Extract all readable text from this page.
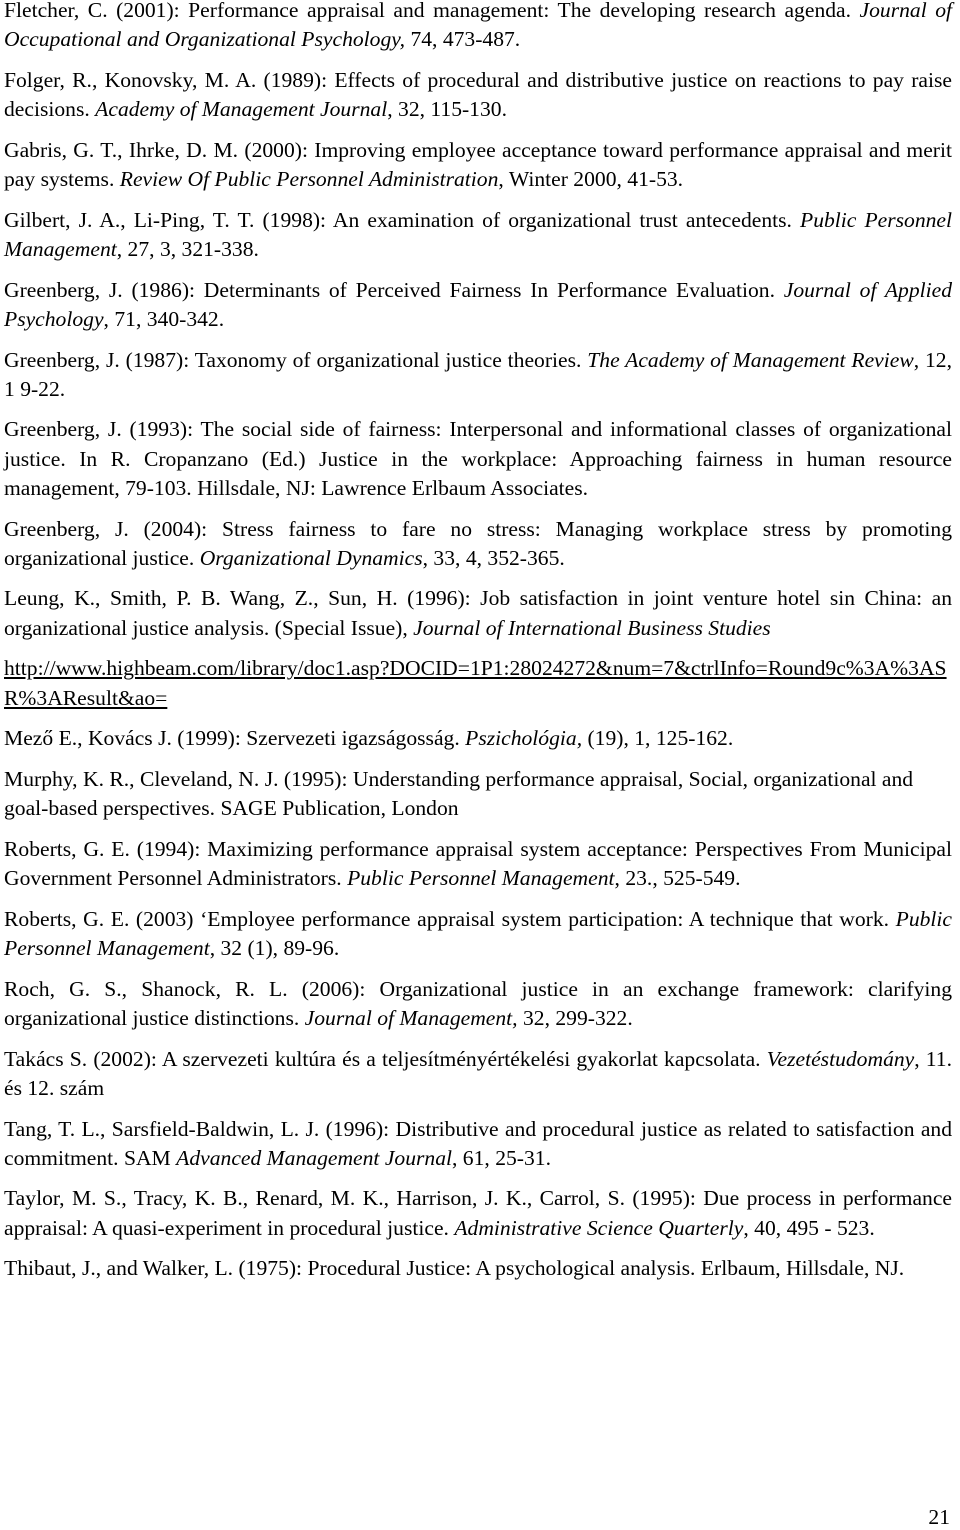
Fletcher, C. (2001): Performance appraisal and management: The developing research agenda. Journal of Occupational and Organizational Psychology, 74, 473-487.

Folger, R., Konovsky, M. A. (1989): Effects of procedural and distributive justice on reactions to pay raise decisions. Academy of Management Journal, 32, 115-130.

Gabris, G. T., Ihrke, D. M. (2000): Improving employee acceptance toward performance appraisal and merit pay systems. Review Of Public Personnel Administration, Winter 2000, 41-53.

Gilbert, J. A., Li-Ping, T. T. (1998): An examination of organizational trust antecedents. Public Personnel Management, 27, 3, 321-338.

Greenberg, J. (1986): Determinants of Perceived Fairness In Performance Evaluation. Journal of Applied Psychology, 71, 340-342.

Greenberg, J. (1987): Taxonomy of organizational justice theories. The Academy of Management Review, 12, 1 9-22.

Greenberg, J. (1993): The social side of fairness: Interpersonal and informational classes of organizational justice. In R. Cropanzano (Ed.) Justice in the workplace: Approaching fairness in human resource management, 79-103. Hillsdale, NJ: Lawrence Erlbaum Associates.

Greenberg, J. (2004): Stress fairness to fare no stress: Managing workplace stress by promoting organizational justice. Organizational Dynamics, 33, 4, 352-365.

Leung, K., Smith, P. B. Wang, Z., Sun, H. (1996): Job satisfaction in joint venture hotel sin China: an organizational justice analysis. (Special Issue), Journal of International Business Studies

http://www.highbeam.com/library/doc1.asp?DOCID=1P1:28024272&num=7&ctrlInfo=Round9c%3A%3ASR%3AResult&ao=

Mező E., Kovács J. (1999): Szervezeti igazságosság. Pszichológia, (19), 1, 125-162.

Murphy, K. R., Cleveland, N. J. (1995): Understanding performance appraisal, Social, organizational and goal-based perspectives. SAGE Publication, London

Roberts, G. E. (1994): Maximizing performance appraisal system acceptance: Perspectives From Municipal Government Personnel Administrators. Public Personnel Management, 23., 525-549.

Roberts, G. E. (2003) ‘Employee performance appraisal system participation: A technique that work. Public Personnel Management, 32 (1), 89-96.

Roch, G. S., Shanock, R. L. (2006): Organizational justice in an exchange framework: clarifying organizational justice distinctions. Journal of Management, 32, 299-322.

Takács S. (2002): A szervezeti kultúra és a teljesítményértékelési gyakorlat kapcsolata. Vezetéstudomány, 11. és 12. szám

Tang, T. L., Sarsfield-Baldwin, L. J. (1996): Distributive and procedural justice as related to satisfaction and commitment. SAM Advanced Management Journal, 61, 25-31.

Taylor, M. S., Tracy, K. B., Renard, M. K., Harrison, J. K., Carrol, S. (1995): Due process in performance appraisal: A quasi-experiment in procedural justice. Administrative Science Quarterly, 40, 495 - 523.

Thibaut, J., and Walker, L. (1975): Procedural Justice: A psychological analysis. Erlbaum, Hillsdale, NJ.

21
